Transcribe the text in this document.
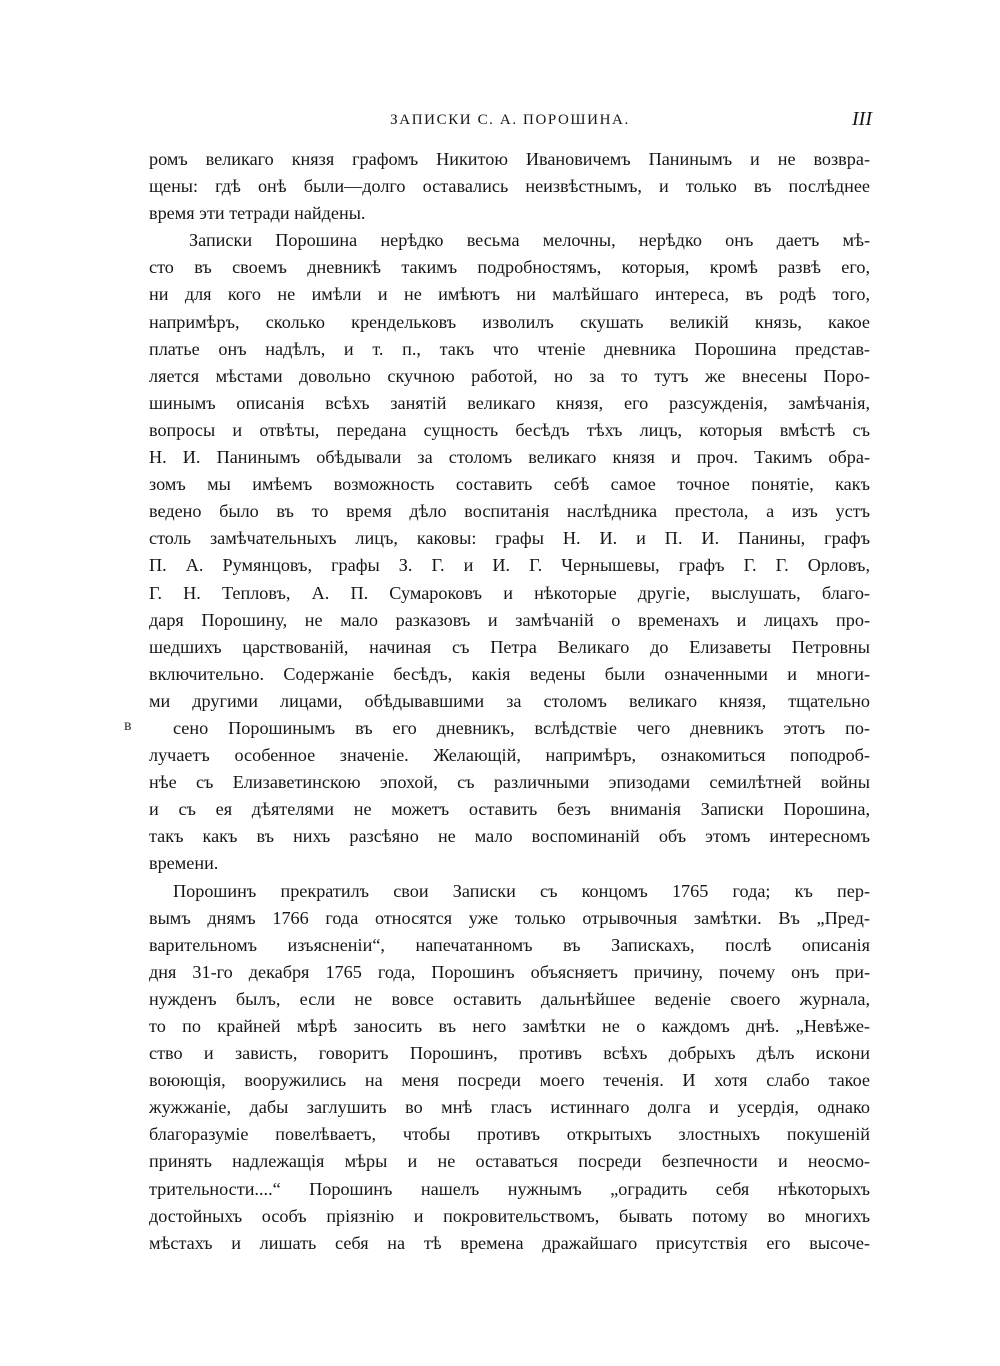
ЗАПИСКИ С. А. ПОРОШИНА.	III
в
ромъ великаго князя графомъ Никитою Ивановичемъ Панинымъ и не возвра-
щены: гдѣ онѣ были—долго оставались неизвѣстнымъ, и только въ послѣднее
время эти тетради найдены.
Записки Порошина нерѣдко весьма мелочны, нерѣдко онъ даетъ мѣ-
сто въ своемъ дневникѣ такимъ подробностямъ, которыя, кромѣ развѣ его,
ни для кого не имѣли и не имѣютъ ни малѣйшаго интереса, въ родѣ того,
напримѣръ, сколько крендельковъ изволилъ скушать великій князь, какое
платье онъ надѣлъ, и т. п., такъ что чтеніе дневника Порошина представ-
ляется мѣстами довольно скучною работой, но за то тутъ же внесены Поро-
шинымъ описанія всѣхъ занятій великаго князя, его разсужденія, замѣчанія,
вопросы и отвѣты, передана сущность бесѣдъ тѣхъ лицъ, которыя вмѣстѣ съ
Н. И. Панинымъ обѣдывали за столомъ великаго князя и проч. Такимъ обра-
зомъ мы имѣемъ возможность составить себѣ самое точное понятіе, какъ
ведено было въ то время дѣло воспитанія наслѣдника престола, а изъ устъ
столь замѣчательныхъ лицъ, каковы: графы Н. И. и П. И. Панины, графъ
П. А. Румянцовъ, графы З. Г. и И. Г. Чернышевы, графъ Г. Г. Орловъ,
Г. Н. Тепловъ, А. П. Сумароковъ и нѣкоторые другіе, выслушать, благо-
даря Порошину, не мало разказовъ и замѣчаній о временахъ и лицахъ про-
шедшихъ царствованій, начиная съ Петра Великаго до Елизаветы Петровны
включительно. Содержаніе бесѣдъ, какія ведены были означенными и многи-
ми другими лицами, обѣдывавшими за столомъ великаго князя, тщательно
сено Порошинымъ въ его дневникъ, вслѣдствіе чего дневникъ этотъ по-
лучаетъ особенное значеніе. Желающій, напримѣръ, ознакомиться поподроб-
нѣе съ Елизаветинскою эпохой, съ различными эпизодами семилѣтней войны
и съ ея дѣятелями не можетъ оставить безъ вниманія Записки Порошина,
такъ какъ въ нихъ разсѣяно не мало воспоминаній объ этомъ интересномъ
времени.
Порошинъ прекратилъ свои Записки съ концомъ 1765 года; къ пер-
вымъ днямъ 1766 года относятся уже только отрывочныя замѣтки. Въ „Пред-
варительномъ изъясненіи“, напечатанномъ въ Запискахъ, послѣ описанія
дня 31-го декабря 1765 года, Порошинъ объясняетъ причину, почему онъ при-
нужденъ былъ, если не вовсе оставить дальнѣйшее веденіе своего журнала,
то по крайней мѣрѣ заносить въ него замѣтки не о каждомъ днѣ. „Невѣже-
ство и зависть, говоритъ Порошинъ, противъ всѣхъ добрыхъ дѣлъ искони
воюющія, вооружились на меня посреди моего теченія. И хотя слабо такое
жужжаніе, дабы заглушить во мнѣ гласъ истиннаго долга и усердія, однако
благоразуміе повелѣваетъ, чтобы противъ открытыхъ злостныхъ покушеній
принять надлежащія мѣры и не оставаться посреди безпечности и неосмо-
трительности....“ Порошинъ нашелъ нужнымъ „оградить себя нѣкоторыхъ
достойныхъ особъ пріязнію и покровительствомъ, бывать потому во многихъ
мѣстахъ и лишать себя на тѣ времена дражайшаго присутствія его высоче-
